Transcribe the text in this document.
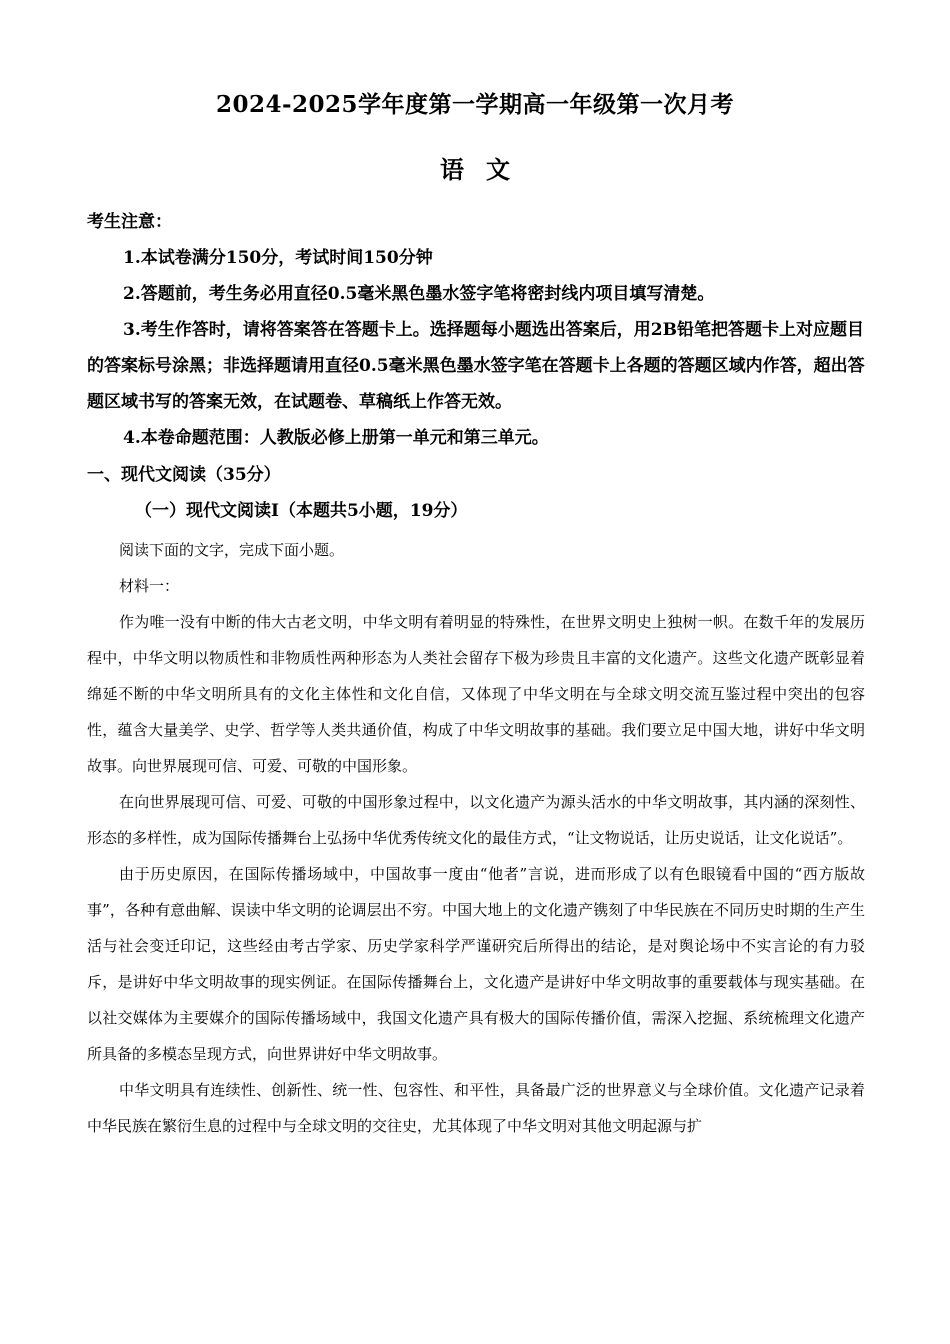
2024-2025学年度第一学期高一年级第一次月考
语文

考生注意：

1.本试卷满分150分，考试时间150分钟

2.答题前，考生务必用直径0.5毫米黑色墨水签字笔将密封线内项目填写清楚。

3.考生作答时，请将答案答在答题卡上。选择题每小题选出答案后，用2B铅笔把答题卡上对应题目的答案标号涂黑；非选择题请用直径0.5毫米黑色墨水签字笔在答题卡上各题的答题区域内作答，超出答题区域书写的答案无效，在试题卷、草稿纸上作答无效。

4.本卷命题范围：人教版必修上册第一单元和第三单元。

一、现代文阅读（35分）
（一）现代文阅读Ⅰ（本题共5小题，19分）

阅读下面的文字，完成下面小题。

材料一：

作为唯一没有中断的伟大古老文明，中华文明有着明显的特殊性，在世界文明史上独树一帜。在数千年的发展历程中，中华文明以物质性和非物质性两种形态为人类社会留存下极为珍贵且丰富的文化遗产。这些文化遗产既彰显着绵延不断的中华文明所具有的文化主体性和文化自信，又体现了中华文明在与全球文明交流互鉴过程中突出的包容性，蕴含大量美学、史学、哲学等人类共通价值，构成了中华文明故事的基础。我们要立足中国大地，讲好中华文明故事。向世界展现可信、可爱、可敬的中国形象。

在向世界展现可信、可爱、可敬的中国形象过程中，以文化遗产为源头活水的中华文明故事，其内涵的深刻性、形态的多样性，成为国际传播舞台上弘扬中华优秀传统文化的最佳方式，“让文物说话，让历史说话，让文化说话”。

由于历史原因，在国际传播场域中，中国故事一度由“他者”言说，进而形成了以有色眼镜看中国的“西方版故事”，各种有意曲解、误读中华文明的论调层出不穷。中国大地上的文化遗产镌刻了中华民族在不同历史时期的生产生活与社会变迁印记，这些经由考古学家、历史学家科学严谨研究后所得出的结论，是对舆论场中不实言论的有力驳斥，是讲好中华文明故事的现实例证。在国际传播舞台上，文化遗产是讲好中华文明故事的重要载体与现实基础。在以社交媒体为主要媒介的国际传播场域中，我国文化遗产具有极大的国际传播价值，需深入挖掘、系统梳理文化遗产所具备的多模态呈现方式，向世界讲好中华文明故事。

中华文明具有连续性、创新性、统一性、包容性、和平性，具备最广泛的世界意义与全球价值。文化遗产记录着中华民族在繁衍生息的过程中与全球文明的交往史，尤其体现了中华文明对其他文明起源与扩
